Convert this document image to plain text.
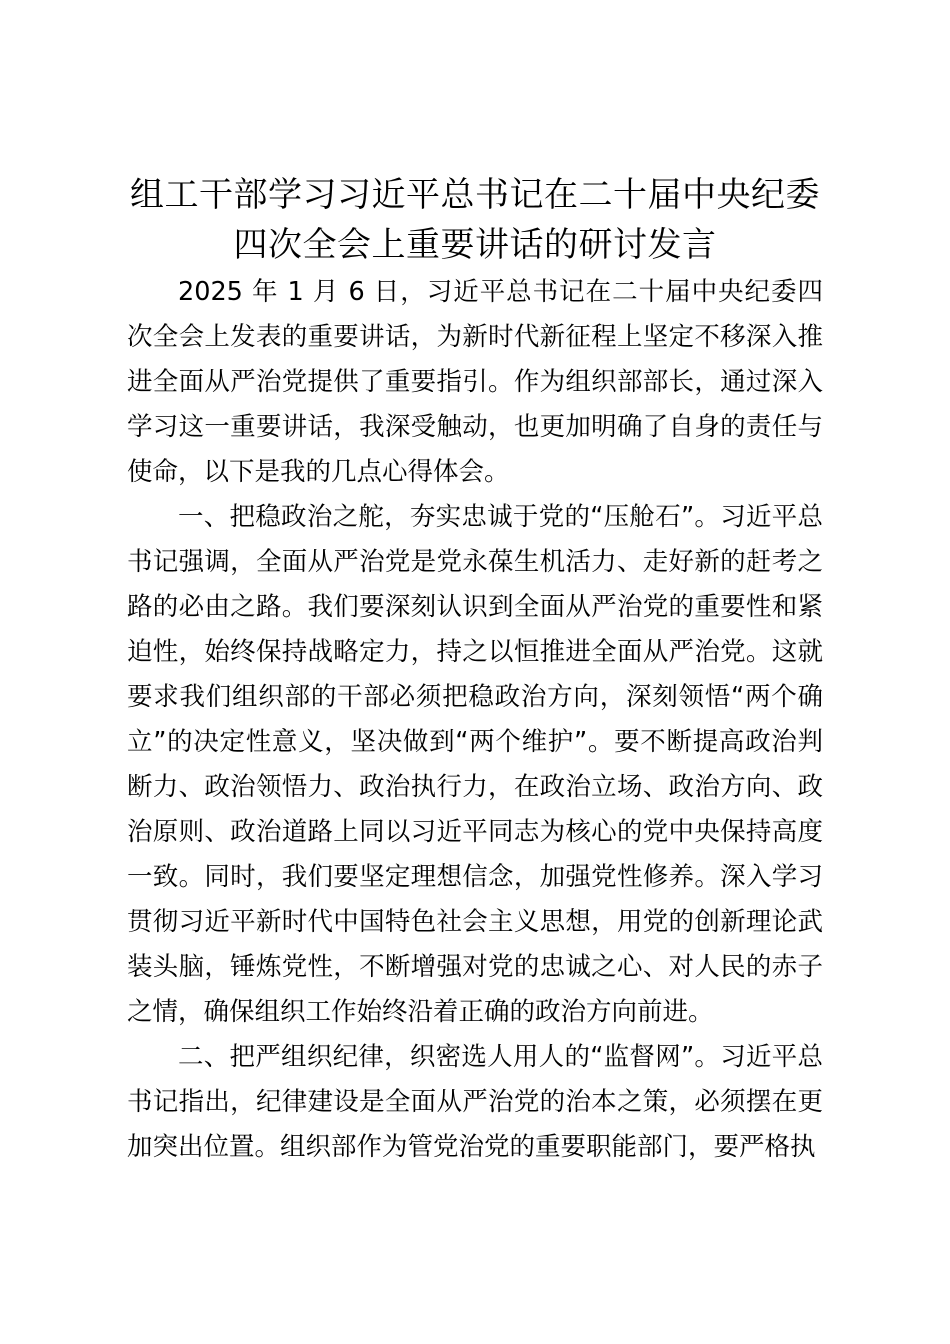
组工干部学习习近平总书记在二十届中央纪委
四次全会上重要讲话的研讨发言

2025 年 1 月 6 日，习近平总书记在二十届中央纪委四次全会上发表的重要讲话，为新时代新征程上坚定不移深入推进全面从严治党提供了重要指引。作为组织部部长，通过深入学习这一重要讲话，我深受触动，也更加明确了自身的责任与使命，以下是我的几点心得体会。

一、把稳政治之舵，夯实忠诚于党的“压舱石”。习近平总书记强调，全面从严治党是党永葆生机活力、走好新的赶考之路的必由之路。我们要深刻认识到全面从严治党的重要性和紧迫性，始终保持战略定力，持之以恒推进全面从严治党。这就要求我们组织部的干部必须把稳政治方向，深刻领悟“两个确立”的决定性意义，坚决做到“两个维护”。要不断提高政治判断力、政治领悟力、政治执行力，在政治立场、政治方向、政治原则、政治道路上同以习近平同志为核心的党中央保持高度一致。同时，我们要坚定理想信念，加强党性修养。深入学习贯彻习近平新时代中国特色社会主义思想，用党的创新理论武装头脑，锤炼党性，不断增强对党的忠诚之心、对人民的赤子之情，确保组织工作始终沿着正确的政治方向前进。

二、把严组织纪律，织密选人用人的“监督网”。习近平总书记指出，纪律建设是全面从严治党的治本之策，必须摆在更加突出位置。组织部作为管党治党的重要职能部门，要严格执
